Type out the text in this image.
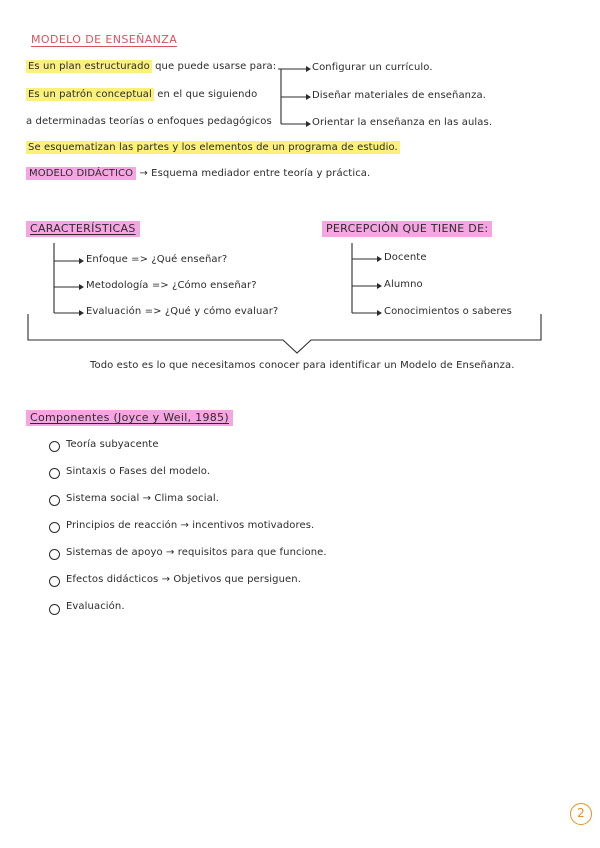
MODELO DE ENSEÑANZA
Es un plan estructurado que puede usarse para:
Es un patrón conceptual en el que siguiendo
a determinadas teorías o enfoques pedagógicos
Configurar un currículo.
Diseñar materiales de enseñanza.
Orientar la enseñanza en las aulas.
Se esquematizan las partes y los elementos de un programa de estudio.
MODELO DIDÁCTICO → Esquema mediador entre teoría y práctica.
CARACTERÍSTICAS
Enfoque => ¿Qué enseñar?
Metodología => ¿Cómo enseñar?
Evaluación => ¿Qué y cómo evaluar?
PERCEPCIÓN QUE TIENE DE:
Docente
Alumno
Conocimientos o saberes
Todo esto es lo que necesitamos conocer para identificar un Modelo de Enseñanza.
Componentes (Joyce y Weil, 1985)
Teoría subyacente
Sintaxis o Fases del modelo.
Sistema social → Clima social.
Principios de reacción → incentivos motivadores.
Sistemas de apoyo → requisitos para que funcione.
Efectos didácticos → Objetivos que persiguen.
Evaluación.
2
